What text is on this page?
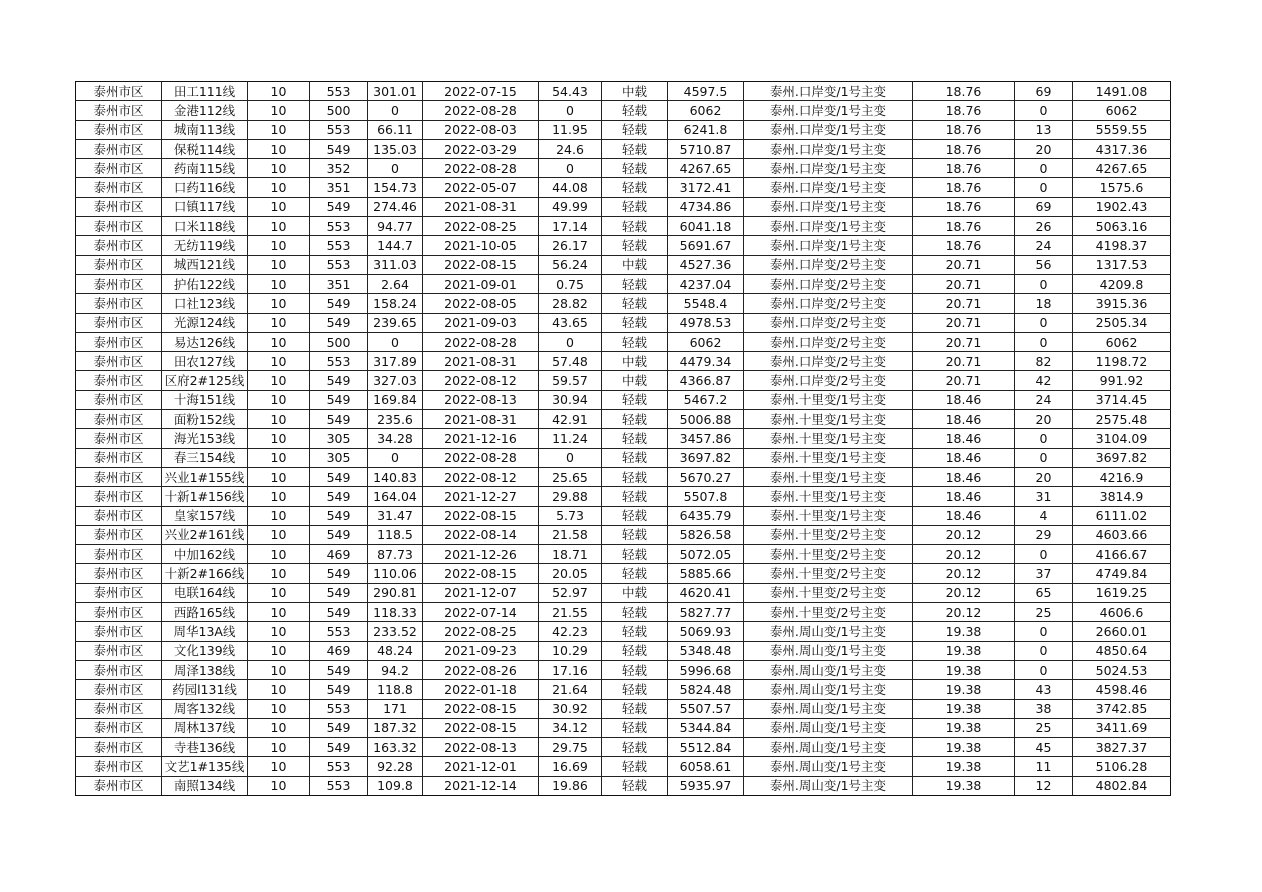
泰州市区	田工111线	10	553	301.01	2022-07-15	54.43	中载	4597.5	泰州.口岸变/1号主变	18.76	69	1491.08
泰州市区	金港112线	10	500	0	2022-08-28	0	轻载	6062	泰州.口岸变/1号主变	18.76	0	6062
泰州市区	城南113线	10	553	66.11	2022-08-03	11.95	轻载	6241.8	泰州.口岸变/1号主变	18.76	13	5559.55
泰州市区	保税114线	10	549	135.03	2022-03-29	24.6	轻载	5710.87	泰州.口岸变/1号主变	18.76	20	4317.36
泰州市区	药南115线	10	352	0	2022-08-28	0	轻载	4267.65	泰州.口岸变/1号主变	18.76	0	4267.65
泰州市区	口药116线	10	351	154.73	2022-05-07	44.08	轻载	3172.41	泰州.口岸变/1号主变	18.76	0	1575.6
泰州市区	口镇117线	10	549	274.46	2021-08-31	49.99	轻载	4734.86	泰州.口岸变/1号主变	18.76	69	1902.43
泰州市区	口米118线	10	553	94.77	2022-08-25	17.14	轻载	6041.18	泰州.口岸变/1号主变	18.76	26	5063.16
泰州市区	无纺119线	10	553	144.7	2021-10-05	26.17	轻载	5691.67	泰州.口岸变/1号主变	18.76	24	4198.37
泰州市区	城西121线	10	553	311.03	2022-08-15	56.24	中载	4527.36	泰州.口岸变/2号主变	20.71	56	1317.53
泰州市区	护佑122线	10	351	2.64	2021-09-01	0.75	轻载	4237.04	泰州.口岸变/2号主变	20.71	0	4209.8
泰州市区	口社123线	10	549	158.24	2022-08-05	28.82	轻载	5548.4	泰州.口岸变/2号主变	20.71	18	3915.36
泰州市区	光源124线	10	549	239.65	2021-09-03	43.65	轻载	4978.53	泰州.口岸变/2号主变	20.71	0	2505.34
泰州市区	易达126线	10	500	0	2022-08-28	0	轻载	6062	泰州.口岸变/2号主变	20.71	0	6062
泰州市区	田农127线	10	553	317.89	2021-08-31	57.48	中载	4479.34	泰州.口岸变/2号主变	20.71	82	1198.72
泰州市区	区府2#125线	10	549	327.03	2022-08-12	59.57	中载	4366.87	泰州.口岸变/2号主变	20.71	42	991.92
泰州市区	十海151线	10	549	169.84	2022-08-13	30.94	轻载	5467.2	泰州.十里变/1号主变	18.46	24	3714.45
泰州市区	面粉152线	10	549	235.6	2021-08-31	42.91	轻载	5006.88	泰州.十里变/1号主变	18.46	20	2575.48
泰州市区	海光153线	10	305	34.28	2021-12-16	11.24	轻载	3457.86	泰州.十里变/1号主变	18.46	0	3104.09
泰州市区	春三154线	10	305	0	2022-08-28	0	轻载	3697.82	泰州.十里变/1号主变	18.46	0	3697.82
泰州市区	兴业1#155线	10	549	140.83	2022-08-12	25.65	轻载	5670.27	泰州.十里变/1号主变	18.46	20	4216.9
泰州市区	十新1#156线	10	549	164.04	2021-12-27	29.88	轻载	5507.8	泰州.十里变/1号主变	18.46	31	3814.9
泰州市区	皇家157线	10	549	31.47	2022-08-15	5.73	轻载	6435.79	泰州.十里变/1号主变	18.46	4	6111.02
泰州市区	兴业2#161线	10	549	118.5	2022-08-14	21.58	轻载	5826.58	泰州.十里变/2号主变	20.12	29	4603.66
泰州市区	中加162线	10	469	87.73	2021-12-26	18.71	轻载	5072.05	泰州.十里变/2号主变	20.12	0	4166.67
泰州市区	十新2#166线	10	549	110.06	2022-08-15	20.05	轻载	5885.66	泰州.十里变/2号主变	20.12	37	4749.84
泰州市区	电联164线	10	549	290.81	2021-12-07	52.97	中载	4620.41	泰州.十里变/2号主变	20.12	65	1619.25
泰州市区	西路165线	10	549	118.33	2022-07-14	21.55	轻载	5827.77	泰州.十里变/2号主变	20.12	25	4606.6
泰州市区	周华13A线	10	553	233.52	2022-08-25	42.23	轻载	5069.93	泰州.周山变/1号主变	19.38	0	2660.01
泰州市区	文化139线	10	469	48.24	2021-09-23	10.29	轻载	5348.48	泰州.周山变/1号主变	19.38	0	4850.64
泰州市区	周泽138线	10	549	94.2	2022-08-26	17.16	轻载	5996.68	泰州.周山变/1号主变	19.38	0	5024.53
泰州市区	药园l131线	10	549	118.8	2022-01-18	21.64	轻载	5824.48	泰州.周山变/1号主变	19.38	43	4598.46
泰州市区	周客132线	10	553	171	2022-08-15	30.92	轻载	5507.57	泰州.周山变/1号主变	19.38	38	3742.85
泰州市区	周林137线	10	549	187.32	2022-08-15	34.12	轻载	5344.84	泰州.周山变/1号主变	19.38	25	3411.69
泰州市区	寺巷136线	10	549	163.32	2022-08-13	29.75	轻载	5512.84	泰州.周山变/1号主变	19.38	45	3827.37
泰州市区	文艺1#135线	10	553	92.28	2021-12-01	16.69	轻载	6058.61	泰州.周山变/1号主变	19.38	11	5106.28
泰州市区	南照134线	10	553	109.8	2021-12-14	19.86	轻载	5935.97	泰州.周山变/1号主变	19.38	12	4802.84
